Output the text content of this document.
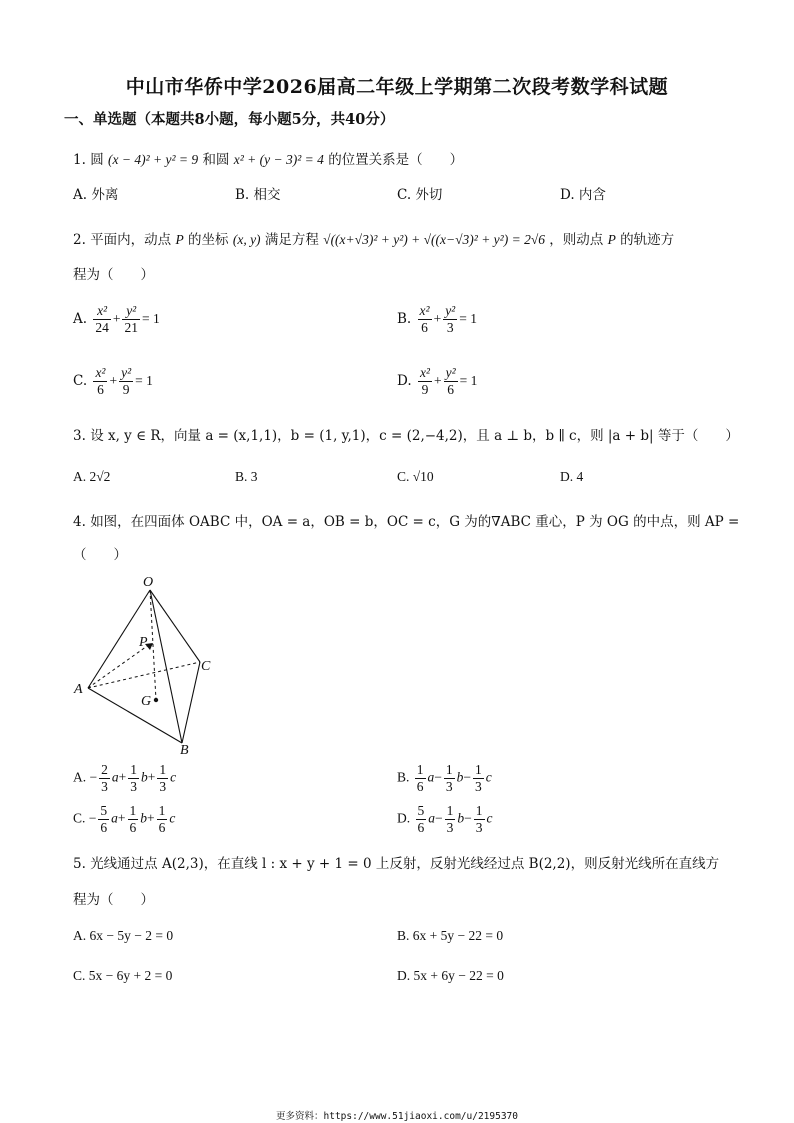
中山市华侨中学2026届高二年级上学期第二次段考数学科试题
一、单选题（本题共8小题，每小题5分，共40分）
1. 圆 (x − 4)² + y² = 9 和圆 x² + (y − 3)² = 4 的位置关系是（　　）
A. 外离	B. 相交	C. 外切	D. 内含
2. 平面内，动点 P 的坐标 (x, y) 满足方程 √((x+√3)² + y²) + √((x−√3)² + y²) = 2√6 ，则动点 P 的轨迹方
程为（　　）
A. $\frac{\text{x²}}{24} + \frac{\text{y²}}{21} = 1$	B. $\frac{\text{x²}}{6} + \frac{\text{y²}}{3} = 1$
C. $\frac{\text{x²}}{6} + \frac{\text{y²}}{9} = 1$	D. $\frac{\text{x²}}{9} + \frac{\text{y²}}{6} = 1$
3. 设 x, y ∈ R，向量 a = (x,1,1)，b = (1, y,1)，c = (2,−4,2)，且 a ⊥ b，b ∥ c，则 |a + b| 等于（　　）
A. 2√2	B. 3	C. √10	D. 4
4. 如图，在四面体 OABC 中，OA = a，OB = b，OC = c，G 为的∇ABC 重心，P 为 OG 的中点，则 AP =
（　　）
O
P
C
A
G
B
A. − $\frac{2}{3} a+ \frac{1}{3} b+ \frac{1}{3}$ c	B. $\frac{1}{6} a- \frac{1}{3} b- \frac{1}{3}$ c
C. − $\frac{5}{6} a+ \frac{1}{6} b+ \frac{1}{6}$ c	D. $\frac{5}{6} a- \frac{1}{3} b- \frac{1}{3}$ c
5. 光线通过点 A(2,3)，在直线 l : x + y + 1 = 0 上反射，反射光线经过点 B(2,2)，则反射光线所在直线方
程为（　　）
A. 6x − 5y − 2 = 0	B. 6x + 5y − 22 = 0
C. 5x − 6y + 2 = 0	D. 5x + 6y − 22 = 0
更多资料：https://www.51jiaoxi.com/u/2195370
